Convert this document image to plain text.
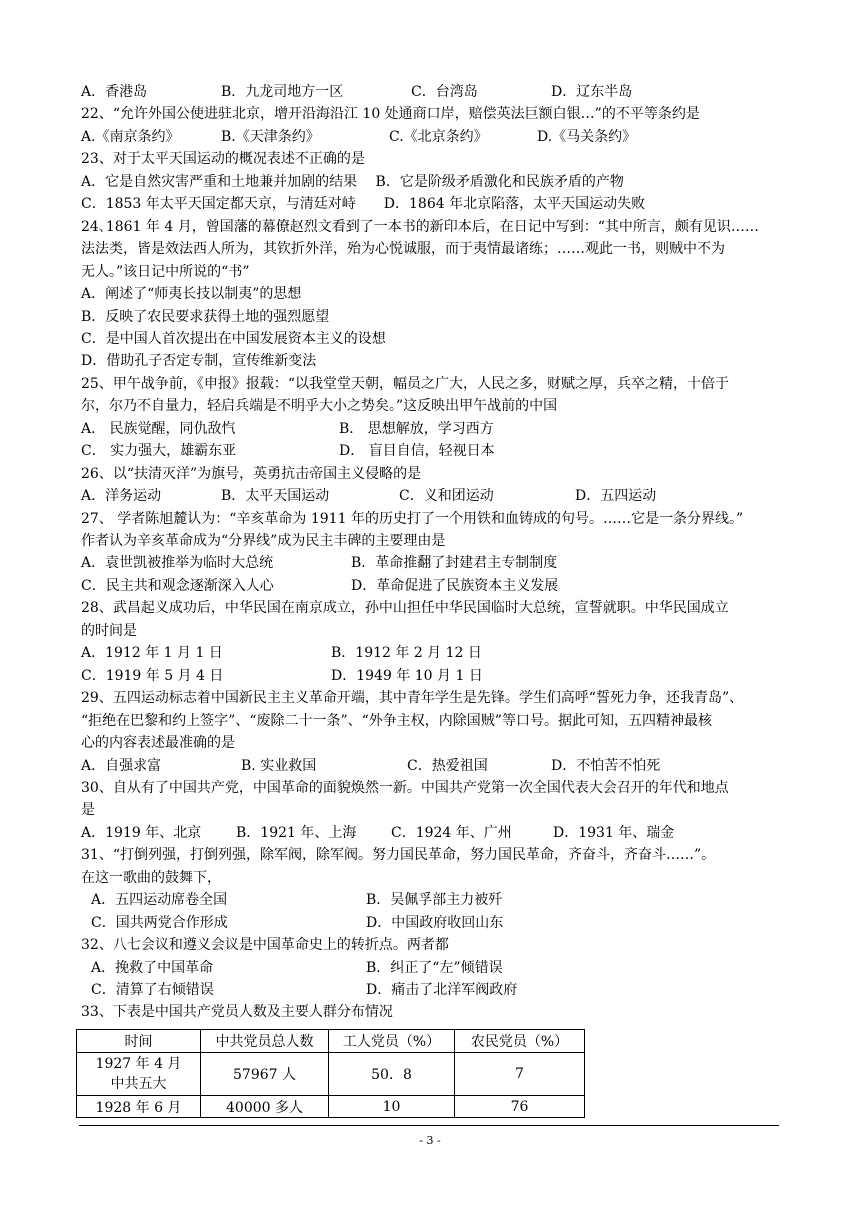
A．香港岛	B．九龙司地方一区	C．台湾岛	D．辽东半岛
22、“允许外国公使进驻北京，增开沿海沿江 10 处通商口岸，赔偿英法巨额白银…”的不平等条约是
A.《南京条约》	B.《天津条约》	C.《北京条约》	D.《马关条约》
23、对于太平天国运动的概况表述不正确的是
A．它是自然灾害严重和土地兼并加剧的结果　 B．它是阶级矛盾激化和民族矛盾的产物
C．1853 年太平天国定都天京，与清廷对峙　　D．1864 年北京陷落，太平天国运动失败
24､1861 年 4 月，曾国藩的幕僚赵烈文看到了一本书的新印本后，在日记中写到：“其中所言，颇有见识……
法法类，皆是效法西人所为，其钦折外洋，殆为心悦诚服，而于夷情最诸练；……观此一书，则贼中不为
无人。”该日记中所说的“书”
A．阐述了“师夷长技以制夷”的思想
B．反映了农民要求获得土地的强烈愿望
C．是中国人首次提出在中国发展资本主义的设想
D．借助孔子否定专制，宣传维新变法
25、甲午战争前，《申报》报载：“以我堂堂天朝，幅员之广大，人民之多，财赋之厚，兵卒之精，十倍于
尔，尔乃不自量力，轻启兵端是不明乎大小之势矣。”这反映出甲午战前的中国
A． 民族觉醒，同仇敌忾	B． 思想解放，学习西方
C． 实力强大，雄霸东亚	D． 盲目自信，轻视日本
26、以“扶清灭洋”为旗号，英勇抗击帝国主义侵略的是
A．洋务运动	B．太平天国运动	C．义和团运动	D．五四运动
27、 学者陈旭麓认为：“辛亥革命为 1911 年的历史打了一个用铁和血铸成的句号。……它是一条分界线。”
作者认为辛亥革命成为“分界线”成为民主丰碑的主要理由是
A．袁世凯被推举为临时大总统	B．革命推翻了封建君主专制制度
C．民主共和观念逐渐深入人心	D．革命促进了民族资本主义发展
28、武昌起义成功后，中华民国在南京成立，孙中山担任中华民国临时大总统，宣誓就职。中华民国成立
的时间是
A．1912 年 1 月 1 日	B．1912 年 2 月 12 日
C．1919 年 5 月 4 日	D．1949 年 10 月 1 日
29、五四运动标志着中国新民主主义革命开端，其中青年学生是先锋。学生们高呼“誓死力争，还我青岛”、
“拒绝在巴黎和约上签字”、“废除二十一条”、“外争主权，内除国贼”等口号。据此可知，五四精神最核
心的内容表述最准确的是
A．自强求富	B. 实业救国	C．热爱祖国	D．不怕苦不怕死
30、自从有了中国共产党，中国革命的面貌焕然一新。中国共产党第一次全国代表大会召开的年代和地点
是
A．1919 年、北京 B．1921 年、上海 C．1924 年、广州	D．1931 年、瑞金
31、“打倒列强，打倒列强，除军阀，除军阀。努力国民革命，努力国民革命，齐奋斗，齐奋斗……”。
在这一歌曲的鼓舞下，
A．五四运动席卷全国	B．吴佩孚部主力被歼
C．国共两党合作形成	D．中国政府收回山东
32、八七会议和遵义会议是中国革命史上的转折点。两者都
A．挽救了中国革命	B．纠正了“左”倾错误
C．清算了右倾错误	D．痛击了北洋军阀政府
33、下表是中国共产党员人数及主要人群分布情况
时间	中共党员总人数	工人党员（%）	农民党员（%）

1927 年 4 月
中共五大	57967 人	50．8	7
1928 年 6 月	40000 多人	10	76
- 3 -
